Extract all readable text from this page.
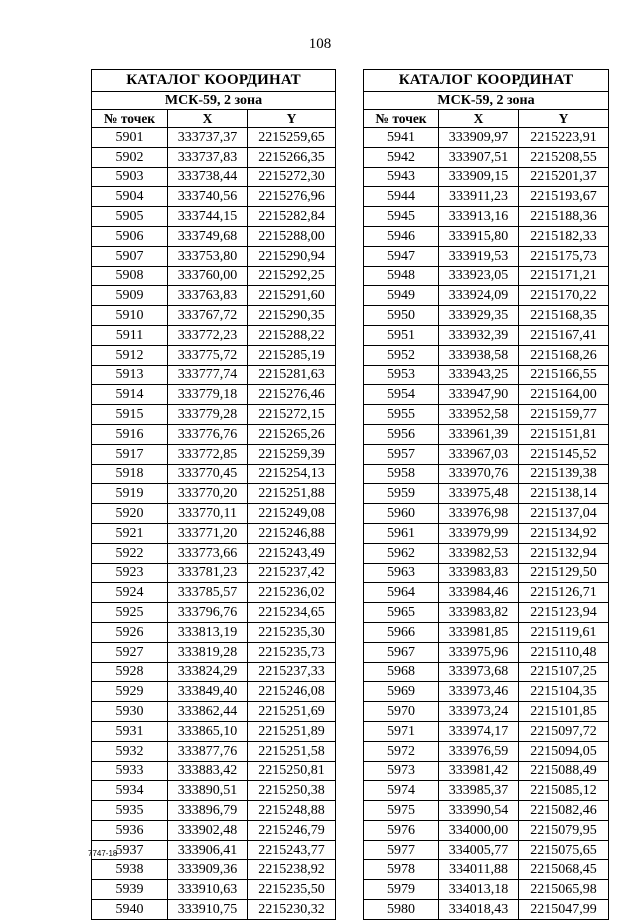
108
КАТАЛОГ КООРДИНАТ		
МСК-59, 2 зона		
№ точек	X	Y
5901	333737,37	2215259,65
5902	333737,83	2215266,35
5903	333738,44	2215272,30
5904	333740,56	2215276,96
5905	333744,15	2215282,84
5906	333749,68	2215288,00
5907	333753,80	2215290,94
5908	333760,00	2215292,25
5909	333763,83	2215291,60
5910	333767,72	2215290,35
5911	333772,23	2215288,22
5912	333775,72	2215285,19
5913	333777,74	2215281,63
5914	333779,18	2215276,46
5915	333779,28	2215272,15
5916	333776,76	2215265,26
5917	333772,85	2215259,39
5918	333770,45	2215254,13
5919	333770,20	2215251,88
5920	333770,11	2215249,08
5921	333771,20	2215246,88
5922	333773,66	2215243,49
5923	333781,23	2215237,42
5924	333785,57	2215236,02
5925	333796,76	2215234,65
5926	333813,19	2215235,30
5927	333819,28	2215235,73
5928	333824,29	2215237,33
5929	333849,40	2215246,08
5930	333862,44	2215251,69
5931	333865,10	2215251,89
5932	333877,76	2215251,58
5933	333883,42	2215250,81
5934	333890,51	2215250,38
5935	333896,79	2215248,88
5936	333902,48	2215246,79
5937	333906,41	2215243,77
5938	333909,36	2215238,92
5939	333910,63	2215235,50
5940	333910,75	2215230,32
КАТАЛОГ КООРДИНАТ		
МСК-59, 2 зона		
№ точек	X	Y
5941	333909,97	2215223,91
5942	333907,51	2215208,55
5943	333909,15	2215201,37
5944	333911,23	2215193,67
5945	333913,16	2215188,36
5946	333915,80	2215182,33
5947	333919,53	2215175,73
5948	333923,05	2215171,21
5949	333924,09	2215170,22
5950	333929,35	2215168,35
5951	333932,39	2215167,41
5952	333938,58	2215168,26
5953	333943,25	2215166,55
5954	333947,90	2215164,00
5955	333952,58	2215159,77
5956	333961,39	2215151,81
5957	333967,03	2215145,52
5958	333970,76	2215139,38
5959	333975,48	2215138,14
5960	333976,98	2215137,04
5961	333979,99	2215134,92
5962	333982,53	2215132,94
5963	333983,83	2215129,50
5964	333984,46	2215126,71
5965	333983,82	2215123,94
5966	333981,85	2215119,61
5967	333975,96	2215110,48
5968	333973,68	2215107,25
5969	333973,46	2215104,35
5970	333973,24	2215101,85
5971	333974,17	2215097,72
5972	333976,59	2215094,05
5973	333981,42	2215088,49
5974	333985,37	2215085,12
5975	333990,54	2215082,46
5976	334000,00	2215079,95
5977	334005,77	2215075,65
5978	334011,88	2215068,45
5979	334013,18	2215065,98
5980	334018,43	2215047,99
7747-18
